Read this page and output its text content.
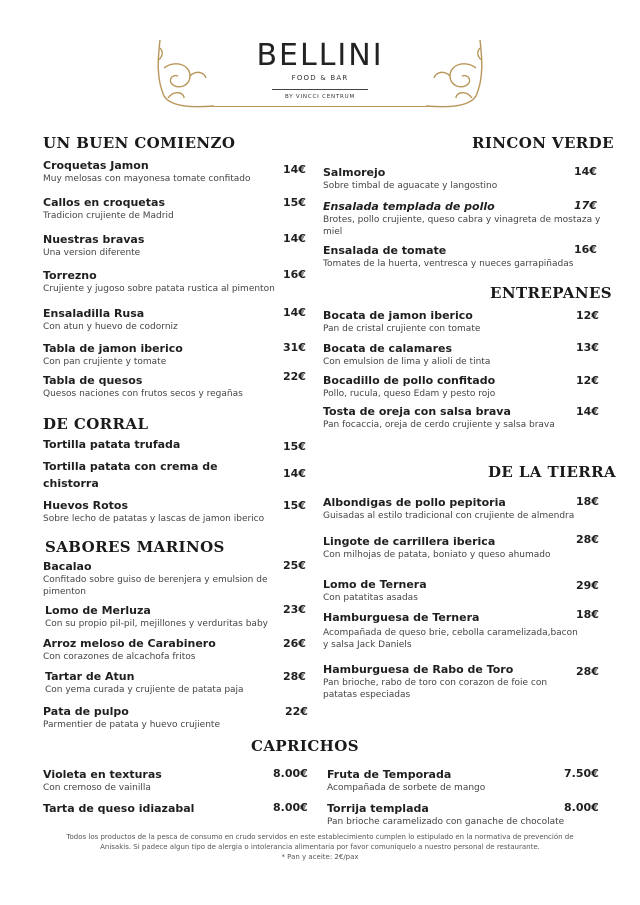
BELLINI
FOOD & BAR
BY VINCCI CENTRUM
UN BUEN COMIENZO	RINCON VERDE
ENTREPANES
DE CORRAL
DE LA TIERRA
SABORES MARINOS
CAPRICHOS
Croquetas Jamon
Muy melosas con mayonesa tomate confitado
14€
Callos en croquetas
Tradicion crujiente de Madrid
15€
Nuestras bravas
Una version diferente
14€
Torrezno
Crujiente y jugoso sobre patata rustica al pimenton
16€
Ensaladilla Rusa
Con atun y huevo de codorniz
14€
Tabla de jamon iberico
Con pan crujiente y tomate
31€
Tabla de quesos
Quesos naciones con frutos secos y regañas
22€
Tortilla patata trufada	15€
Tortilla patata con crema de
chistorra
14€
Huevos Rotos
Sobre lecho de patatas y lascas de jamon iberico
15€
Bacalao
Confitado sobre guiso de berenjera y emulsion de
pimenton
25€
Lomo de Merluza
Con su propio pil-pil, mejillones y verduritas baby
23€
Arroz meloso de Carabinero
Con corazones de alcachofa fritos
26€
Tartar de Atun
Con yema curada y crujiente de patata paja
28€
Pata de pulpo
Parmentier de patata y huevo crujiente
22€
Salmorejo
Sobre timbal de aguacate y langostino
14€
Ensalada templada de pollo
Brotes, pollo crujiente, queso cabra y vinagreta de mostaza y
miel
17€
Ensalada de tomate
Tomates de la huerta, ventresca y nueces garrapiñadas
16€
Bocata de jamon iberico
Pan de cristal crujiente con tomate
12€
Bocata de calamares
Con emulsion de lima y alioli de tinta
13€
Bocadillo de pollo confitado
Pollo, rucula, queso Edam y pesto rojo
12€
Tosta de oreja con salsa brava
Pan focaccia, oreja de cerdo crujiente y salsa brava
14€
Albondigas de pollo pepitoria
Guisadas al estilo tradicional con crujiente de almendra
18€
Lingote de carrillera iberica
Con milhojas de patata, boniato y queso ahumado
28€
Lomo de Ternera
Con patatitas asadas
29€
Hamburguesa de Ternera
Acompañada de queso brie, cebolla caramelizada,bacon
y salsa Jack Daniels
18€
Hamburguesa de Rabo de Toro
Pan brioche, rabo de toro con corazon de foie con
patatas especiadas
28€
Violeta en texturas
Con cremoso de vainilla
8.00€
Tarta de queso idiazabal	8.00€
Fruta de Temporada
Acompañada de sorbete de mango
7.50€
Torrija templada
Pan brioche caramelizado con ganache de chocolate
8.00€
Todos los productos de la pesca de consumo en crudo servidos en este establecimiento cumplen lo estipulado en la normativa de prevención de
Anisakis. Si padece algun tipo de alergia o intolerancia alimentaria por favor comuníquelo a nuestro personal de restaurante.
* Pan y aceite: 2€/pax
